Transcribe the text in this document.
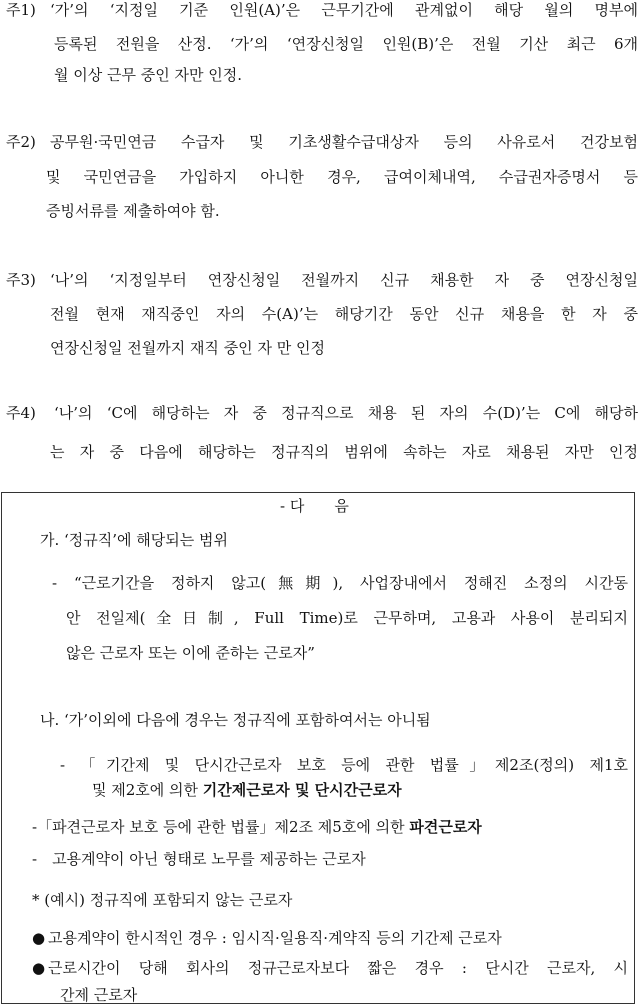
주1) ‘가’의 ‘지정일 기준 인원(A)’은 근무기간에 관계없이 해당 월의 명부에
등록된 전원을 산정. ‘가’의 ‘연장신청일 인원(B)’은 전월 기산 최근 6개
월 이상 근무 중인 자만 인정.
주2) 공무원·국민연금 수급자 및 기초생활수급대상자 등의 사유로서 건강보험
및 국민연금을 가입하지 아니한 경우, 급여이체내역, 수급권자증명서 등
증빙서류를 제출하여야 함.
주3) ‘나’의 ‘지정일부터 연장신청일 전월까지 신규 채용한 자 중 연장신청일
전월 현재 재직중인 자의 수(A)’는 해당기간 동안 신규 채용을 한 자 중
연장신청일 전월까지 재직 중인 자 만 인정
주4) ‘나’의 ‘C에 해당하는 자 중 정규직으로 채용 된 자의 수(D)’는 C에 해당하
는 자 중 다음에 해당하는 정규직의 범위에 속하는 자로 채용된 자만 인정
- 다　　음
가. ‘정규직’에 해당되는 범위
- “근로기간을 정하지 않고(無期), 사업장내에서 정해진 소정의 시간동
안 전일제(全日制, Full Time)로 근무하며, 고용과 사용이 분리되지
않은 근로자 또는 이에 준하는 근로자”
나. ‘가’이외에 다음에 경우는 정규직에 포함하여서는 아니됨
- 「기간제 및 단시간근로자 보호 등에 관한 법률」제2조(정의) 제1호
및 제2호에 의한 기간제근로자 및 단시간근로자
-「파견근로자 보호 등에 관한 법률」제2조 제5호에 의한 파견근로자
-　고용계약이 아닌 형태로 노무를 제공하는 근로자
* (예시) 정규직에 포함되지 않는 근로자
● 고용계약이 한시적인 경우 : 임시직·일용직·계약직 등의 기간제 근로자
● 근로시간이 당해 회사의 정규근로자보다 짧은 경우 : 단시간 근로자, 시
간제 근로자
